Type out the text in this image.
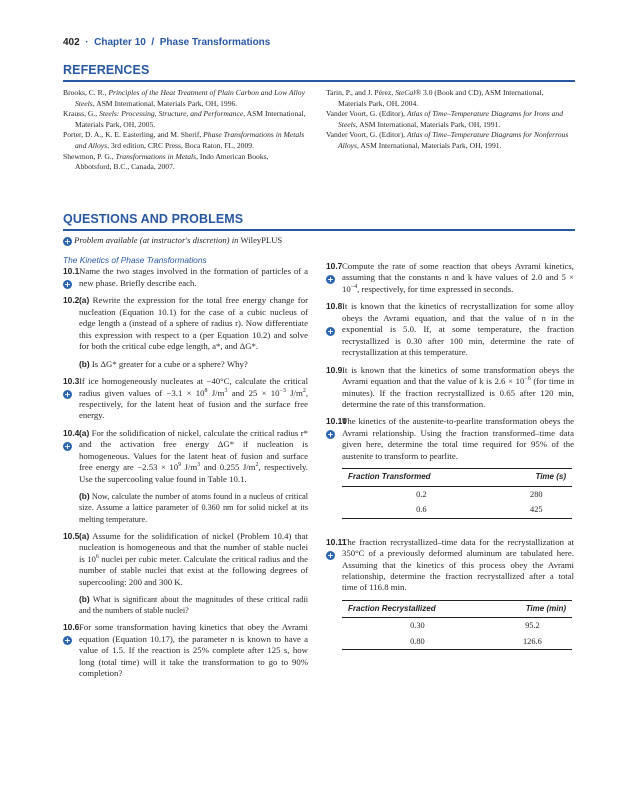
402 · Chapter 10 / Phase Transformations
REFERENCES
Brooks, C. R., Principles of the Heat Treatment of Plain Carbon and Low Alloy Steels, ASM International, Materials Park, OH, 1996.
Krauss, G., Steels: Processing, Structure, and Performance, ASM International, Materials Park, OH, 2005.
Porter, D. A., K. E. Easterling, and M. Sherif, Phase Transformations in Metals and Alloys, 3rd edition, CRC Press, Boca Raton, FL, 2009.
Shewmon, P. G., Transformations in Metals, Indo American Books, Abbotsford, B.C., Canada, 2007.
Tarin, P., and J. Pérez, SteCal® 3.0 (Book and CD), ASM International, Materials Park, OH, 2004.
Vander Voort, G. (Editor), Atlas of Time–Temperature Diagrams for Irons and Steels, ASM International, Materials Park, OH, 1991.
Vander Voort, G. (Editor), Atlas of Time–Temperature Diagrams for Nonferrous Alloys, ASM International, Materials Park, OH, 1991.
QUESTIONS AND PROBLEMS
+ Problem available (at instructor's discretion) in WileyPLUS

The Kinetics of Phase Transformations

10.1
+
Name the two stages involved in the formation of particles of a new phase. Briefly describe each.

10.2 (a) Rewrite the expression for the total free energy change for nucleation (Equation 10.1) for the case of a cubic nucleus of edge length a (instead of a sphere of radius r). Now differentiate this expression with respect to a (per Equation 10.2) and solve for both the critical cube edge length, a*, and ΔG*.

(b) Is ΔG* greater for a cube or a sphere? Why?

10.3
+
If ice homogeneously nucleates at −40°C, calculate the critical radius given values of $-3.1 \times 10^8$ $J/m^3$ and $25 \times 10^{-3}$ $J/m^2$, respectively, for the latent heat of fusion and the surface free energy.

10.4
+
(a) For the solidification of nickel, calculate the critical radius r* and the activation free energy ΔG* if nucleation is homogeneous. Values for the latent heat of fusion and surface free energy are $-2.53 \times 10^9$ $J/m^3$ and 0.255 $J/m^2$, respectively. Use the supercooling value found in Table 10.1.

(b) Now, calculate the number of atoms found in a nucleus of critical size. Assume a lattice parameter of 0.360 nm for solid nickel at its melting temperature.

10.5 (a) Assume for the solidification of nickel (Problem 10.4) that nucleation is homogeneous and that the number of stable nuclei is $10^6$ nuclei per cubic meter. Calculate the critical radius and the number of stable nuclei that exist at the following degrees of supercooling: 200 and 300 K.

(b) What is significant about the magnitudes of these critical radii and the numbers of stable nuclei?

10.6
+
For some transformation having kinetics that obey the Avrami equation (Equation 10.17), the parameter n is known to have a value of 1.5. If the reaction is 25% complete after 125 s, how long (total time) will it take the transformation to go to 90% completion?

10.7
+
Compute the rate of some reaction that obeys Avrami kinetics, assuming that the constants n and k have values of 2.0 and $5 \times 10^{-4}$, respectively, for time expressed in seconds.

10.8
+
It is known that the kinetics of recrystallization for some alloy obeys the Avrami equation, and that the value of n in the exponential is 5.0. If, at some temperature, the fraction recrystallized is 0.30 after 100 min, determine the rate of recrystallization at this temperature.

10.9 It is known that the kinetics of some transformation obeys the Avrami equation and that the value of k is $2.6 \times 10^{-6}$ (for time in minutes). If the fraction recrystallized is 0.65 after 120 min, determine the rate of this transformation.

10.10
+
The kinetics of the austenite-to-pearlite transformation obeys the Avrami relationship. Using the fraction transformed–time data given here, determine the total time required for 95% of the austenite to transform to pearlite.

Fraction Transformed	Time (s)
0.2	280
0.6	425

10.11
+
The fraction recrystallized–time data for the recrystallization at 350°C of a previously deformed aluminum are tabulated here. Assuming that the kinetics of this process obey the Avrami relationship, determine the fraction recrystallized after a total time of 116.8 min.

Fraction Recrystallized	Time (min)
0.30	95.2
0.80	126.6
